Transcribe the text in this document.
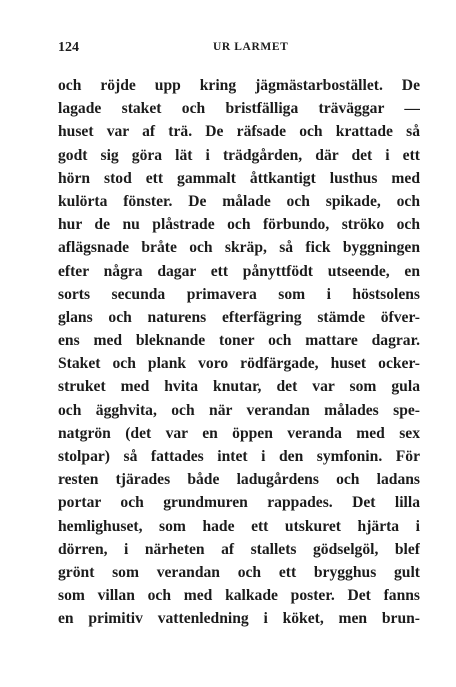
124	UR LARMET
och röjde upp kring jägmästarbostället. De
lagade staket och bristfälliga träväggar —
huset var af trä. De räfsade och krattade så
godt sig göra lät i trädgården, där det i ett
hörn stod ett gammalt åttkantigt lusthus med
kulörta fönster. De målade och spikade, och
hur de nu plåstrade och förbundo, ströko och
aflägsnade bråte och skräp, så fick byggningen
efter några dagar ett pånyttfödt utseende, en
sorts secunda primavera som i höstsolens
glans och naturens efterfägring stämde öfver-
ens med bleknande toner och mattare dagrar.
Staket och plank voro rödfärgade, huset ocker-
struket med hvita knutar, det var som gula
och ägghvita, och när verandan målades spe-
natgrön (det var en öppen veranda med sex
stolpar) så fattades intet i den symfonin. För
resten tjärades både ladugårdens och ladans
portar och grundmuren rappades. Det lilla
hemlighuset, som hade ett utskuret hjärta i
dörren, i närheten af stallets gödselgöl, blef
grönt som verandan och ett brygghus gult
som villan och med kalkade poster. Det fanns
en primitiv vattenledning i köket, men brun-
